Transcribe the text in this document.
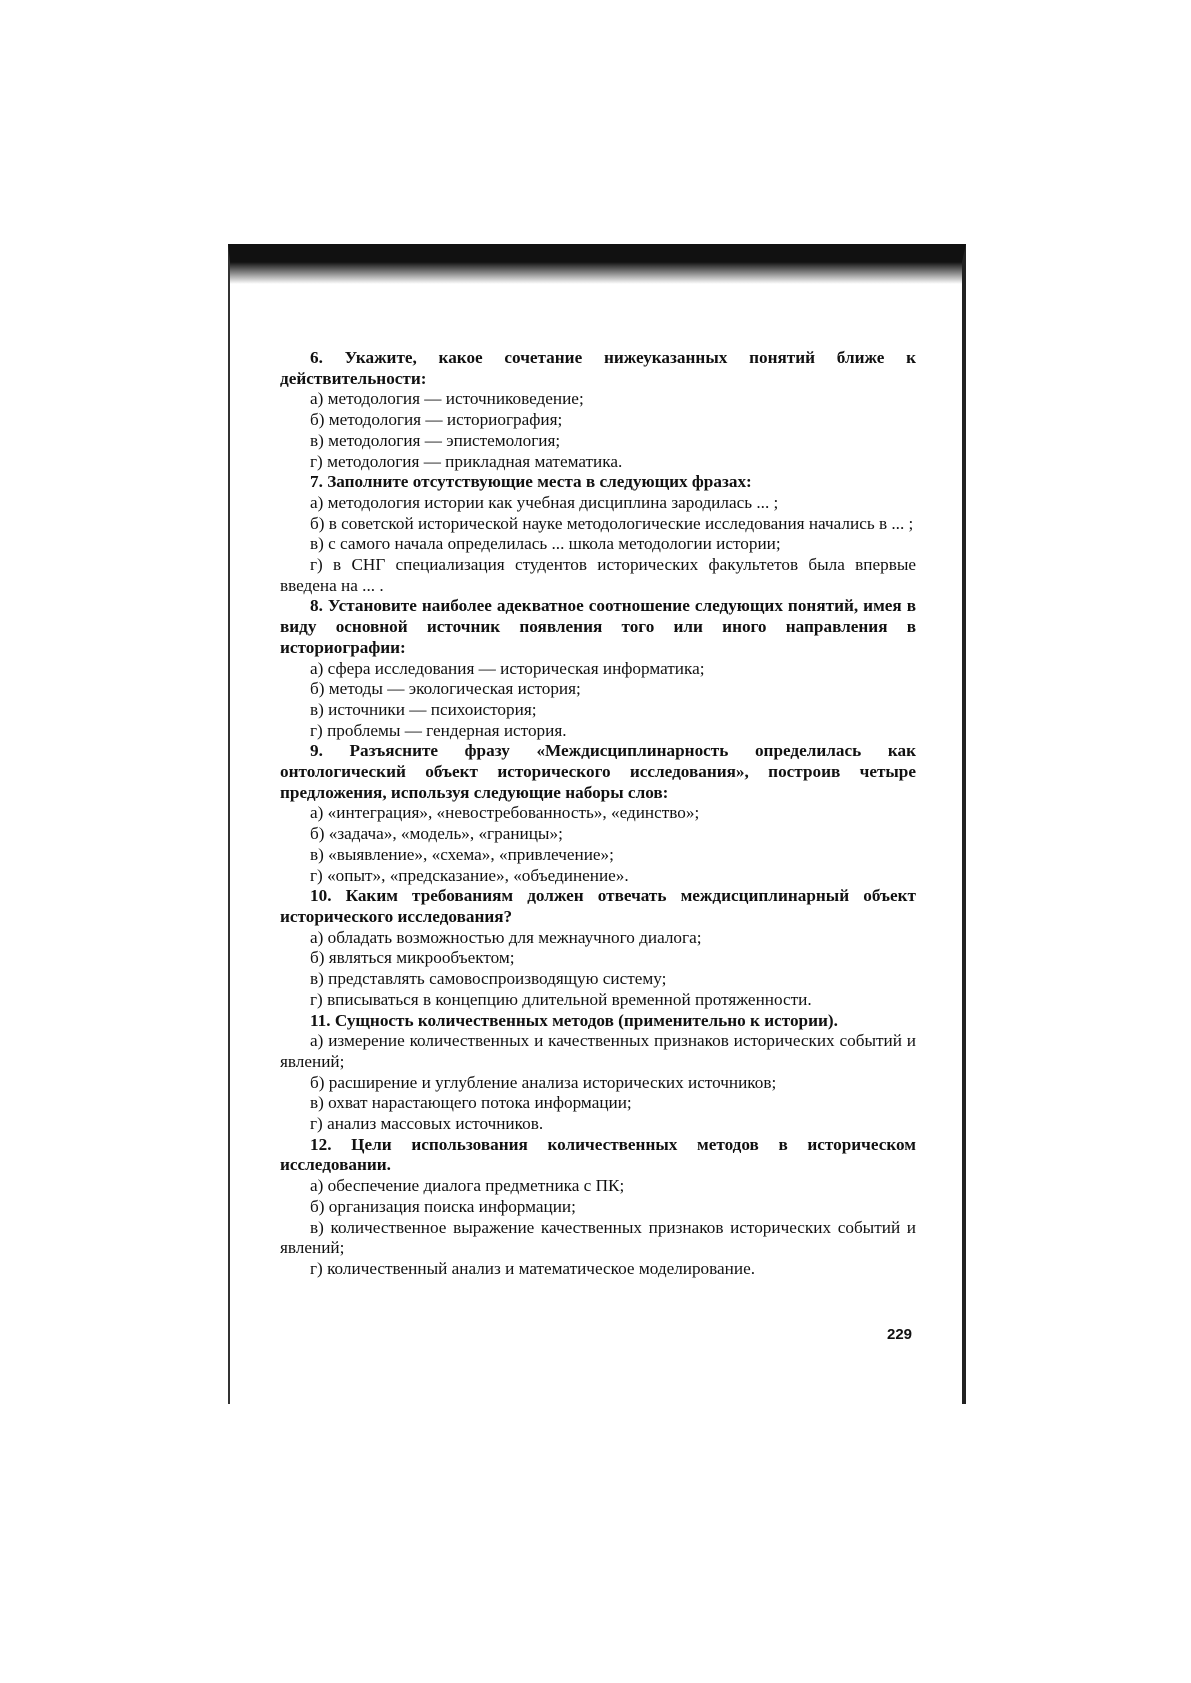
6. Укажите, какое сочетание нижеуказанных понятий ближе к действительности:

а) методология — источниковедение;

б) методология — историография;

в) методология — эпистемология;

г) методология — прикладная математика.

7. Заполните отсутствующие места в следующих фразах:

а) методология истории как учебная дисциплина зародилась ... ;

б) в советской исторической науке методологические исследования начались в ... ;

в) с самого начала определилась ... школа методологии истории;

г) в СНГ специализация студентов исторических факультетов была впервые введена на ... .

8. Установите наиболее адекватное соотношение следующих понятий, имея в виду основной источник появления того или иного направления в историографии:

а) сфера исследования — историческая информатика;

б) методы — экологическая история;

в) источники — психоистория;

г) проблемы — гендерная история.

9. Разъясните фразу «Междисциплинарность определилась как онтологический объект исторического исследования», построив четыре предложения, используя следующие наборы слов:

а) «интеграция», «невостребованность», «единство»;

б) «задача», «модель», «границы»;

в) «выявление», «схема», «привлечение»;

г) «опыт», «предсказание», «объединение».

10. Каким требованиям должен отвечать междисциплинарный объект исторического исследования?

а) обладать возможностью для межнаучного диалога;

б) являться микрообъектом;

в) представлять самовоспроизводящую систему;

г) вписываться в концепцию длительной временной протяженности.

11. Сущность количественных методов (применительно к истории).

а) измерение количественных и качественных признаков исторических событий и явлений;

б) расширение и углубление анализа исторических источников;

в) охват нарастающего потока информации;

г) анализ массовых источников.

12. Цели использования количественных методов в историческом исследовании.

а) обеспечение диалога предметника с ПК;

б) организация поиска информации;

в) количественное выражение качественных признаков исторических событий и явлений;

г) количественный анализ и математическое моделирование.

229
